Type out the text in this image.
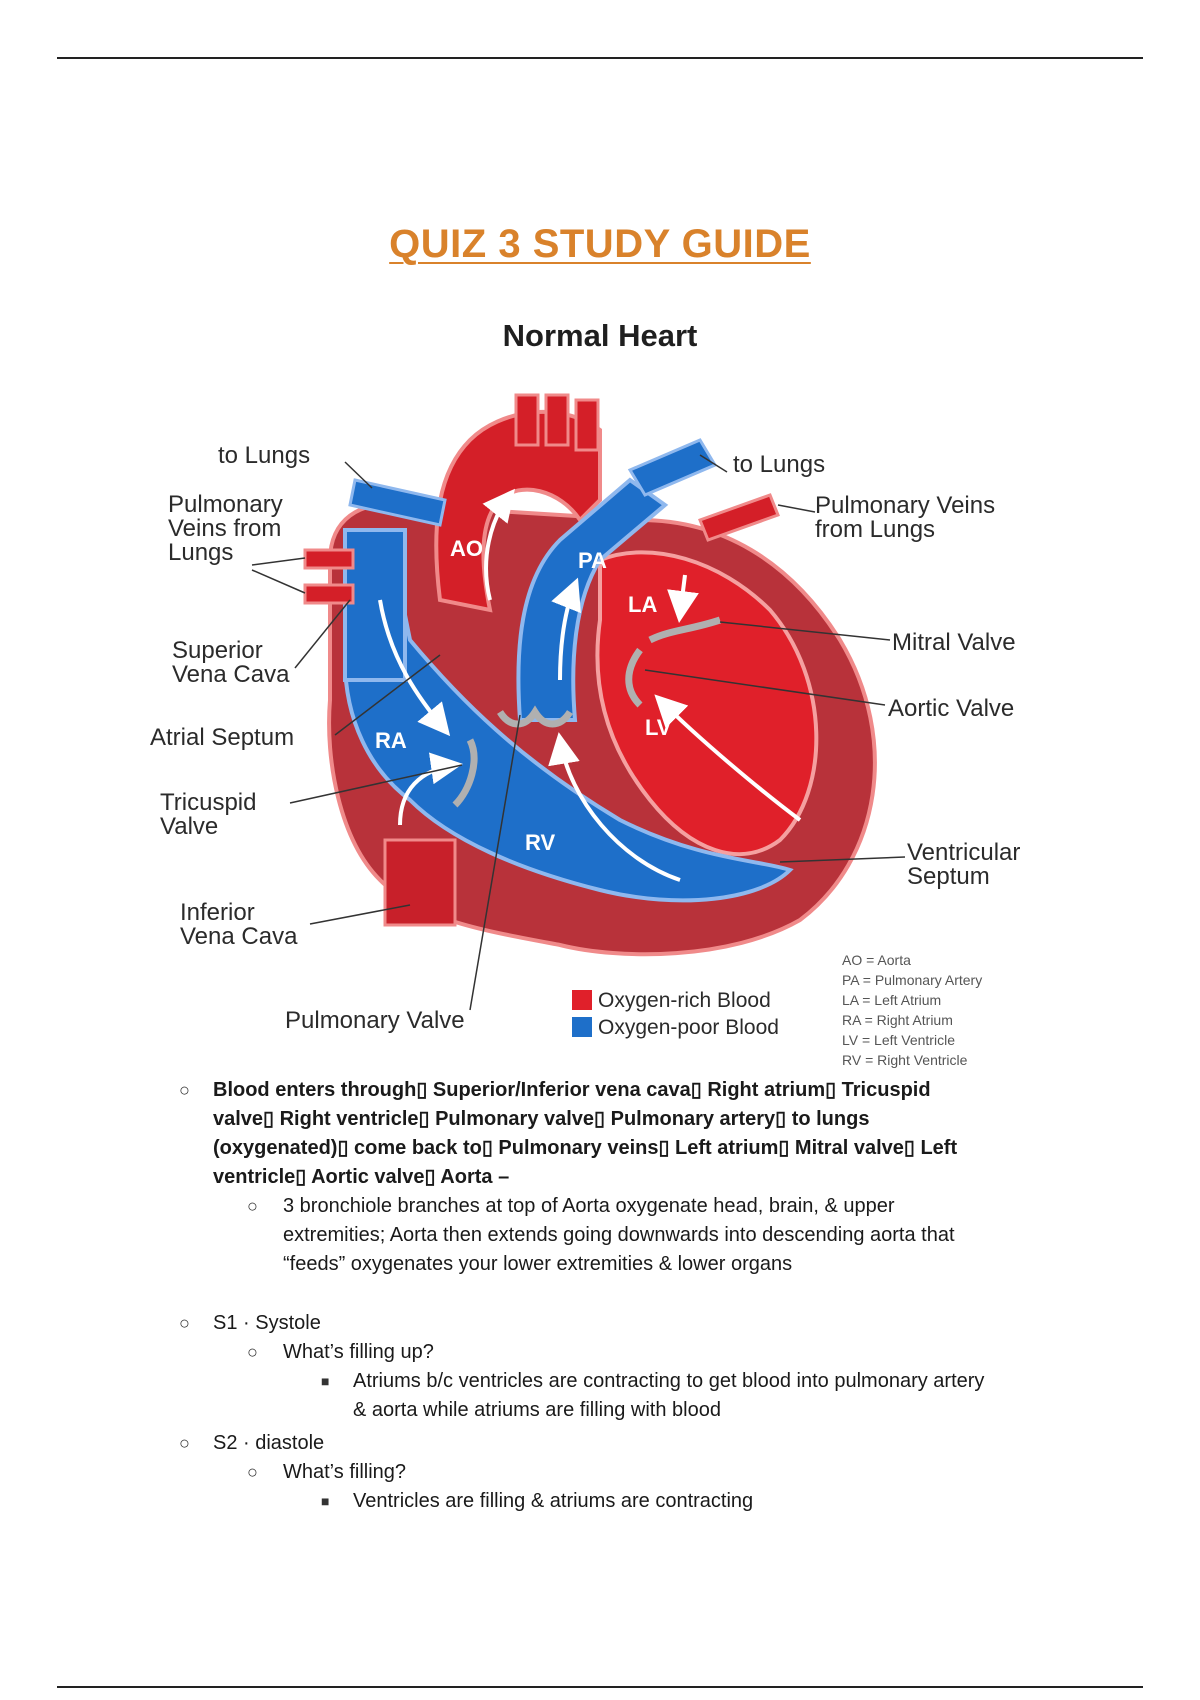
QUIZ 3 STUDY GUIDE
Normal Heart
AO	PA
LA
RA
LV
RV
to Lungs	to Lungs
Pulmonary
Veins from
Lungs
Pulmonary Veins
from Lungs
Superior
Vena Cava
Atrial Septum
Tricuspid
Valve
Inferior
Vena Cava
Pulmonary Valve
Mitral Valve
Aortic Valve
Ventricular
Septum
Oxygen-rich Blood
Oxygen-poor Blood
AO = Aorta
PA = Pulmonary Artery
LA = Left Atrium
RA = Right Atrium
LV = Left Ventricle
RV = Right Ventricle
○ Blood enters through▯ Superior/Inferior vena cava▯ Right atrium▯ Tricuspid
valve▯ Right ventricle▯ Pulmonary valve▯ Pulmonary artery▯ to lungs
(oxygenated)▯ come back to▯ Pulmonary veins▯ Left atrium▯ Mitral valve▯ Left
ventricle▯ Aortic valve▯ Aorta –
○ 3 bronchiole branches at top of Aorta oxygenate head, brain, & upper
extremities; Aorta then extends going downwards into descending aorta that
“feeds” oxygenates your lower extremities & lower organs
○ S1 · Systole
○ What’s filling up?
■ Atriums b/c ventricles are contracting to get blood into pulmonary artery
& aorta while atriums are filling with blood
○ S2 · diastole
○ What’s filling?
■ Ventricles are filling & atriums are contracting
